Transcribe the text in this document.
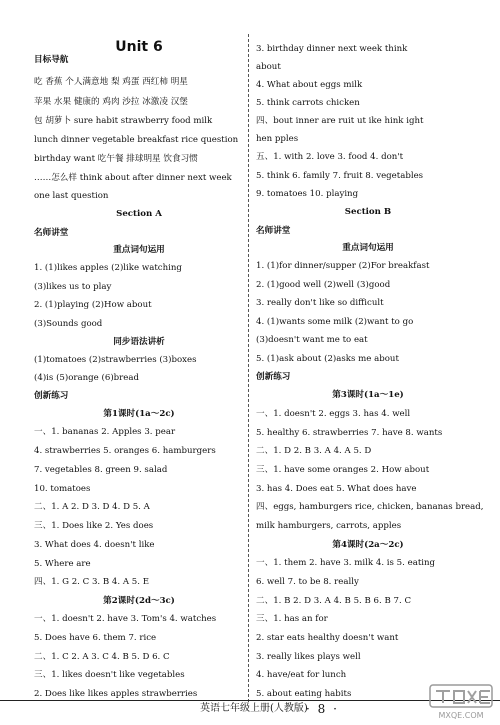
Unit 6
目标导航
吃 香蕉 个人满意地 梨 鸡蛋 西红柿 明星
苹果 水果 健康的 鸡肉 沙拉 冰激凌 汉堡
包 胡萝卜 sure habit strawberry food milk
lunch dinner vegetable breakfast rice question
birthday want 吃午餐 排球明星 饮食习惯
……怎么样 think about after dinner next week
one last question
Section A
名师讲堂
重点词句运用
1. (1)likes apples (2)like watching
(3)likes us to play
2. (1)playing (2)How about
(3)Sounds good
同步语法讲析
(1)tomatoes (2)strawberries (3)boxes
(4)is (5)orange (6)bread
创新练习
第1课时(1a～2c)
一、1. bananas 2. Apples 3. pear
4. strawberries 5. oranges 6. hamburgers
7. vegetables 8. green 9. salad
10. tomatoes
二、1. A 2. D 3. D 4. D 5. A
三、1. Does like 2. Yes does
3. What does 4. doesn't like
5. Where are
四、1. G 2. C 3. B 4. A 5. E
第2课时(2d～3c)
一、1. doesn't 2. have 3. Tom's 4. watches
5. Does have 6. them 7. rice
二、1. C 2. A 3. C 4. B 5. D 6. C
三、1. likes doesn't like vegetables
2. Does like likes apples strawberries
3. birthday dinner next week think
about
4. What about eggs milk
5. think carrots chicken
四、bout inner are ruit ut ike hink ight
hen pples
五、1. with 2. love 3. food 4. don't
5. think 6. family 7. fruit 8. vegetables
9. tomatoes 10. playing
Section B
名师讲堂
重点词句运用
1. (1)for dinner/supper (2)For breakfast
2. (1)good well (2)well (3)good
3. really don't like so difficult
4. (1)wants some milk (2)want to go
(3)doesn't want me to eat
5. (1)ask about (2)asks me about
创新练习
第3课时(1a～1e)
一、1. doesn't 2. eggs 3. has 4. well
5. healthy 6. strawberries 7. have 8. wants
二、1. D 2. B 3. A 4. A 5. D
三、1. have some oranges 2. How about
3. has 4. Does eat 5. What does have
四、eggs, hamburgers rice, chicken, bananas bread,
milk hamburgers, carrots, apples
第4课时(2a～2c)
一、1. them 2. have 3. milk 4. is 5. eating
6. well 7. to be 8. really
二、1. B 2. D 3. A 4. B 5. B 6. B 7. C
三、1. has an for
2. star eats healthy doesn't want
3. really likes plays well
4. have/eat for lunch
5. about eating habits
英语七年级上册(人教版)
· 8 ·	MXQE.COM
